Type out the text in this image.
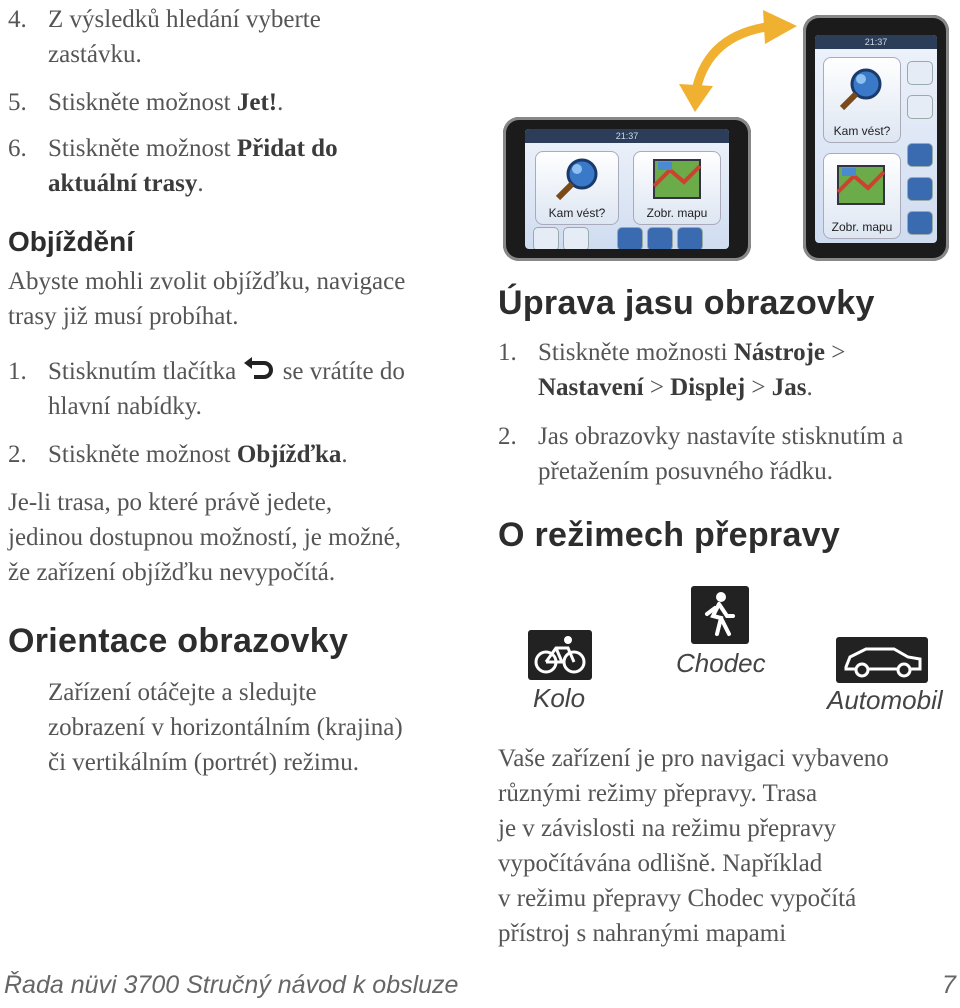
4. Z výsledků hledání vyberte
zastávku.
5. Stiskněte možnost Jet!.
6. Stiskněte možnost Přidat do
aktuální trasy.
Objíždění
Abyste mohli zvolit objížďku, navigace
trasy již musí probíhat.
1. Stisknutím tlačítka se vrátíte do
hlavní nabídky.
2. Stiskněte možnost Objížďka.
Je-li trasa, po které právě jedete,
jedinou dostupnou možností, je možné,
že zařízení objížďku nevypočítá.
Orientace obrazovky
Zařízení otáčejte a sledujte
zobrazení v horizontálním (krajina)
či vertikálním (portrét) režimu.
21:37
Kam vést?	Zobr. mapu
21:37
Kam vést?
Zobr. mapu
Úprava jasu obrazovky
1. Stiskněte možnosti Nástroje >
Nastavení > Displej > Jas.
2. Jas obrazovky nastavíte stisknutím a
přetažením posuvného řádku.
O režimech přepravy
Kolo
Chodec
Automobil
Vaše zařízení je pro navigaci vybaveno
různými režimy přepravy. Trasa
je v závislosti na režimu přepravy
vypočítávána odlišně. Například
v režimu přepravy Chodec vypočítá
přístroj s nahranými mapami
Řada nüvi 3700 Stručný návod k obsluze	7
